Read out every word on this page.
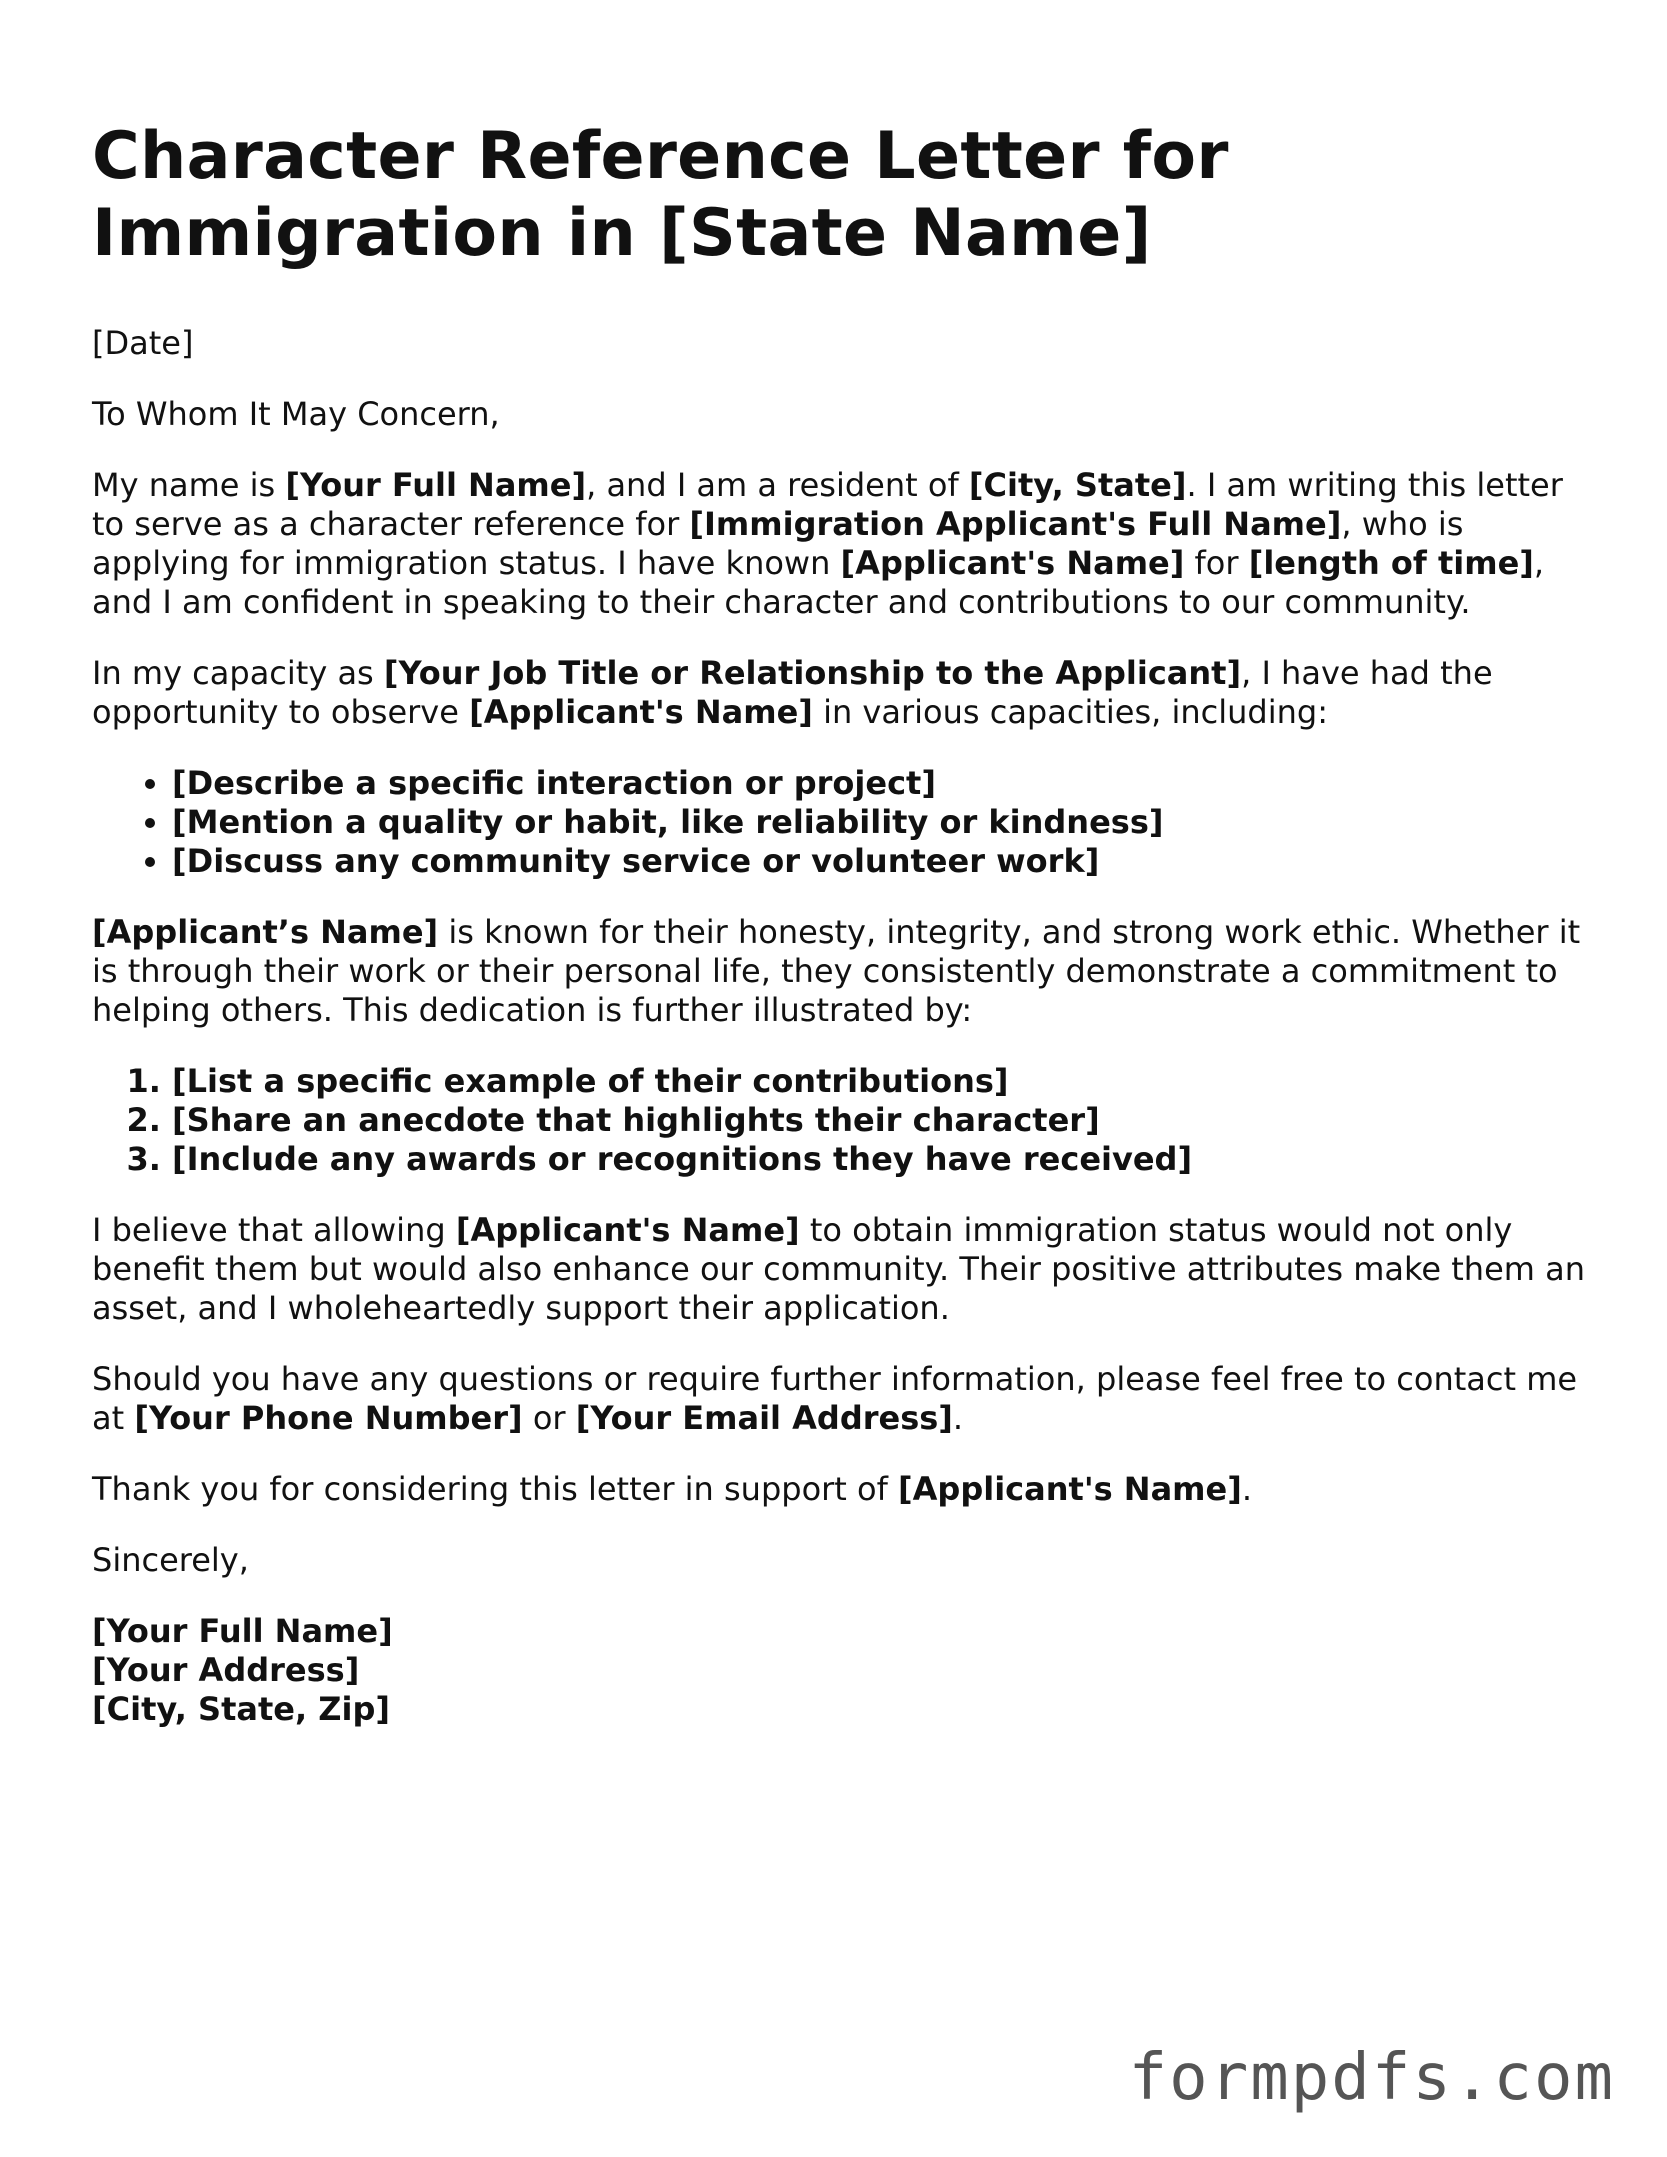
Character Reference Letter for Immigration in [State Name]

[Date]

To Whom It May Concern,

My name is [Your Full Name], and I am a resident of [City, State]. I am writing this letter to serve as a character reference for [Immigration Applicant's Full Name], who is applying for immigration status. I have known [Applicant's Name] for [length of time], and I am confident in speaking to their character and contributions to our community.

In my capacity as [Your Job Title or Relationship to the Applicant], I have had the opportunity to observe [Applicant's Name] in various capacities, including:

• [Describe a specific interaction or project]
• [Mention a quality or habit, like reliability or kindness]
• [Discuss any community service or volunteer work]

[Applicant’s Name] is known for their honesty, integrity, and strong work ethic. Whether it is through their work or their personal life, they consistently demonstrate a commitment to helping others. This dedication is further illustrated by:

1. [List a specific example of their contributions]
2. [Share an anecdote that highlights their character]
3. [Include any awards or recognitions they have received]

I believe that allowing [Applicant's Name] to obtain immigration status would not only benefit them but would also enhance our community. Their positive attributes make them an asset, and I wholeheartedly support their application.

Should you have any questions or require further information, please feel free to contact me at [Your Phone Number] or [Your Email Address].

Thank you for considering this letter in support of [Applicant's Name].

Sincerely,

[Your Full Name]

[Your Address]

[City, State, Zip]

formpdfs.com
